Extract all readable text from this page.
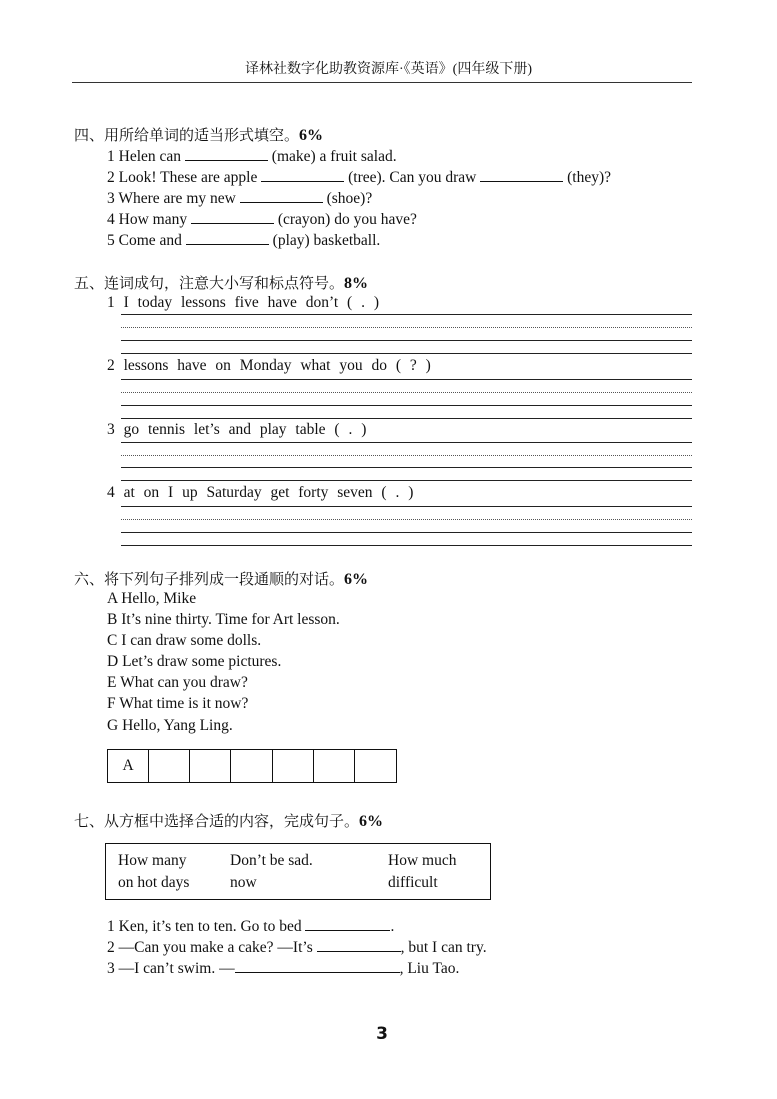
译林社数字化助教资源库·《英语》(四年级下册)
四、用所给单词的适当形式填空。6%
1 Helen can	(make) a fruit salad.
2 Look! These are apple	(tree). Can you draw	(they)?
3 Where are my new	(shoe)?
4 How many	(crayon) do you have?
5 Come and	(play) basketball.
五、连词成句，注意大小写和标点符号。8%
1 I today lessons five have don’t ( . )
2 lessons have on Monday what you do ( ? )
3 go tennis let’s and play table ( . )
4 at on I up Saturday get forty seven ( . )
六、将下列句子排列成一段通顺的对话。6%
A Hello, Mike
B It’s nine thirty. Time for Art lesson.
C I can draw some dolls.
D Let’s draw some pictures.
E What can you draw?
F What time is it now?
G Hello, Yang Ling.
A
七、从方框中选择合适的内容，完成句子。6%
How many	Don’t be sad.	How much
on hot days	now	difficult
1 Ken, it’s ten to ten. Go to bed	.
2 —Can you make a cake? —It’s	, but I can try.
3 —I can’t swim. —	, Liu Tao.
3
